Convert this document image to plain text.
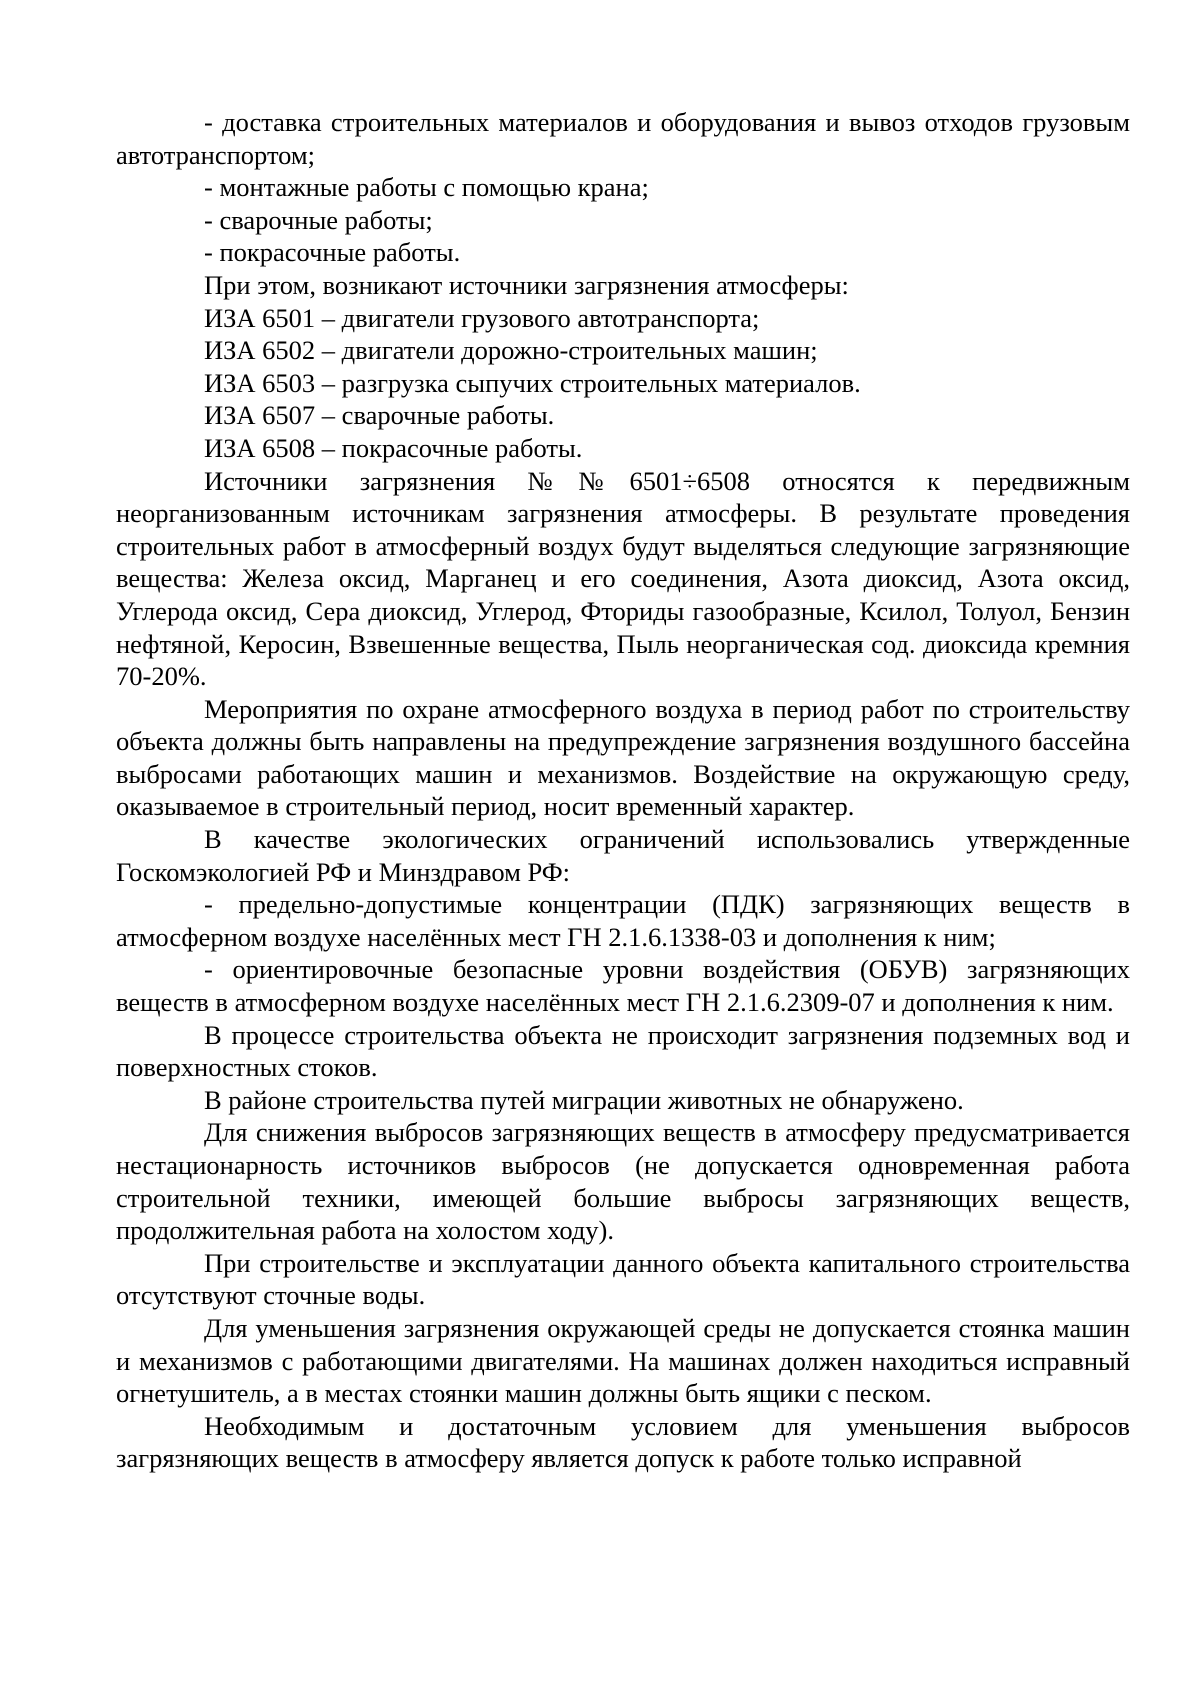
- доставка строительных материалов и оборудования и вывоз отходов грузовым автотранспортом;

- монтажные работы с помощью крана;

- сварочные работы;

- покрасочные работы.

При этом, возникают источники загрязнения атмосферы:

ИЗА 6501 – двигатели грузового автотранспорта;

ИЗА 6502 – двигатели дорожно-строительных машин;

ИЗА 6503 – разгрузка сыпучих строительных материалов.

ИЗА 6507 – сварочные работы.

ИЗА 6508 – покрасочные работы.

Источники загрязнения №№6501÷6508 относятся к передвижным неорганизованным источникам загрязнения атмосферы. В результате проведения строительных работ в атмосферный воздух будут выделяться следующие загрязняющие вещества: Железа оксид, Марганец и его соединения, Азота диоксид, Азота оксид, Углерода оксид, Сера диоксид, Углерод, Фториды газообразные, Ксилол, Толуол, Бензин нефтяной, Керосин, Взвешенные вещества, Пыль неорганическая сод. диоксида кремния 70-20%.

Мероприятия по охране атмосферного воздуха в период работ по строительству объекта должны быть направлены на предупреждение загрязнения воздушного бассейна выбросами работающих машин и механизмов. Воздействие на окружающую среду, оказываемое в строительный период, носит временный характер.

В качестве экологических ограничений использовались утвержденные Госкомэкологией РФ и Минздравом РФ:

- предельно-допустимые концентрации (ПДК) загрязняющих веществ в атмосферном воздухе населённых мест ГН 2.1.6.1338-03 и дополнения к ним;

- ориентировочные безопасные уровни воздействия (ОБУВ) загрязняющих веществ в атмосферном воздухе населённых мест ГН 2.1.6.2309-07 и дополнения к ним.

В процессе строительства объекта не происходит загрязнения подземных вод и поверхностных стоков.

В районе строительства путей миграции животных не обнаружено.

Для снижения выбросов загрязняющих веществ в атмосферу предусматривается нестационарность источников выбросов (не допускается одновременная работа строительной техники, имеющей большие выбросы загрязняющих веществ, продолжительная работа на холостом ходу).

При строительстве и эксплуатации данного объекта капитального строительства отсутствуют сточные воды.

Для уменьшения загрязнения окружающей среды не допускается стоянка машин и механизмов с работающими двигателями. На машинах должен находиться исправный огнетушитель, а в местах стоянки машин должны быть ящики с песком.

Необходимым и достаточным условием для уменьшения выбросов загрязняющих веществ в атмосферу является допуск к работе только исправной
